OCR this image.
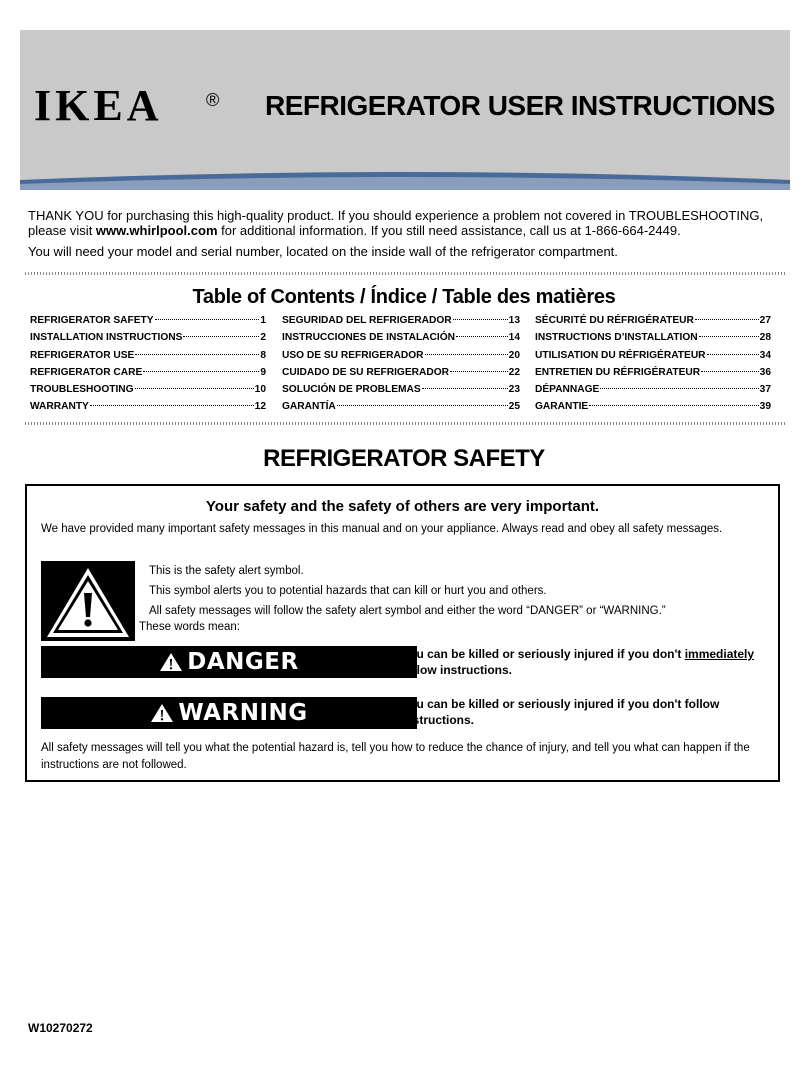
IKEA ® REFRIGERATOR USER INSTRUCTIONS

THANK YOU for purchasing this high-quality product. If you should experience a problem not covered in TROUBLESHOOTING, please visit www.whirlpool.com for additional information. If you still need assistance, call us at 1-866-664-2449.

You will need your model and serial number, located on the inside wall of the refrigerator compartment.

Table of Contents / Índice / Table des matières
REFRIGERATOR SAFETY	1
INSTALLATION INSTRUCTIONS	2
REFRIGERATOR USE	8
REFRIGERATOR CARE	9
TROUBLESHOOTING	10
WARRANTY	12
SEGURIDAD DEL REFRIGERADOR	13
INSTRUCCIONES DE INSTALACIÓN	14
USO DE SU REFRIGERADOR	20
CUIDADO DE SU REFRIGERADOR	22
SOLUCIÓN DE PROBLEMAS	23
GARANTÍA	25
SÉCURITÉ DU RÉFRIGÉRATEUR	27
INSTRUCTIONS D’INSTALLATION	28
UTILISATION DU RÉFRIGÉRATEUR	34
ENTRETIEN DU RÉFRIGÉRATEUR	36
DÉPANNAGE	37
GARANTIE	39
REFRIGERATOR SAFETY
Your safety and the safety of others are very important.
We have provided many important safety messages in this manual and on your appliance. Always read and obey all safety messages.
This is the safety alert symbol.
This symbol alerts you to potential hazards that can kill or hurt you and others.
All safety messages will follow the safety alert symbol and either the word “DANGER” or “WARNING.”
These words mean:
DANGER	You can be killed or seriously injured if you don't immediately follow instructions.
WARNING	You can be killed or seriously injured if you don't follow instructions.
All safety messages will tell you what the potential hazard is, tell you how to reduce the chance of injury, and tell you what can happen if the instructions are not followed.
W10270272
